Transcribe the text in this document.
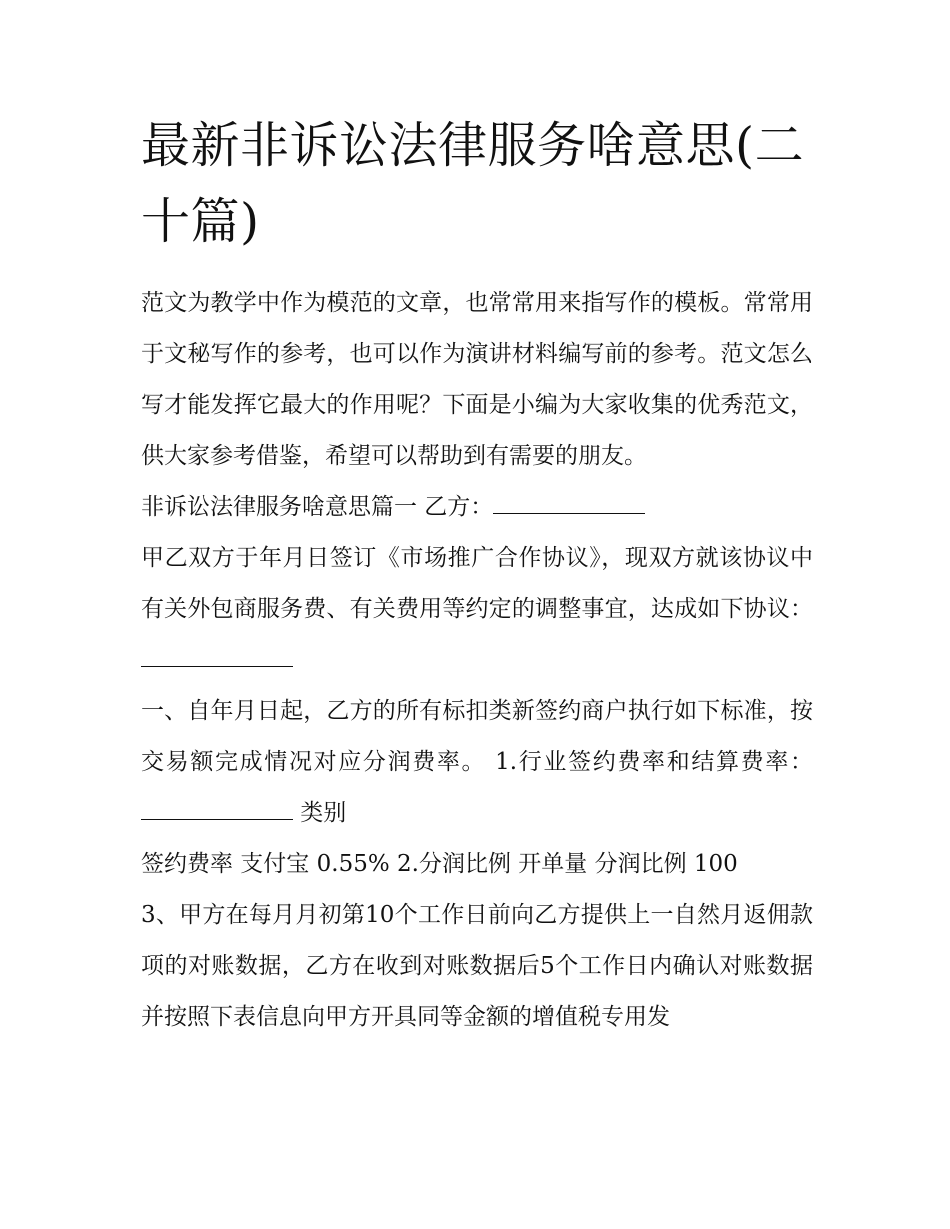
最新非诉讼法律服务啥意思(二十篇)

范文为教学中作为模范的文章，也常常用来指写作的模板。常常用于文秘写作的参考，也可以作为演讲材料编写前的参考。范文怎么写才能发挥它最大的作用呢？下面是小编为大家收集的优秀范文，供大家参考借鉴，希望可以帮助到有需要的朋友。

非诉讼法律服务啥意思篇一 乙方：

甲乙双方于年月日签订《市场推广合作协议》，现双方就该协议中有关外包商服务费、有关费用等约定的调整事宜，达成如下协议：

一、自年月日起，乙方的所有标扣类新签约商户执行如下标准，按交易额完成情况对应分润费率。 1.行业签约费率和结算费率： 类别

签约费率 支付宝 0.55% 2.分润比例 开单量 分润比例 100

3、甲方在每月月初第10个工作日前向乙方提供上一自然月返佣款项的对账数据，乙方在收到对账数据后5个工作日内确认对账数据并按照下表信息向甲方开具同等金额的增值税专用发
